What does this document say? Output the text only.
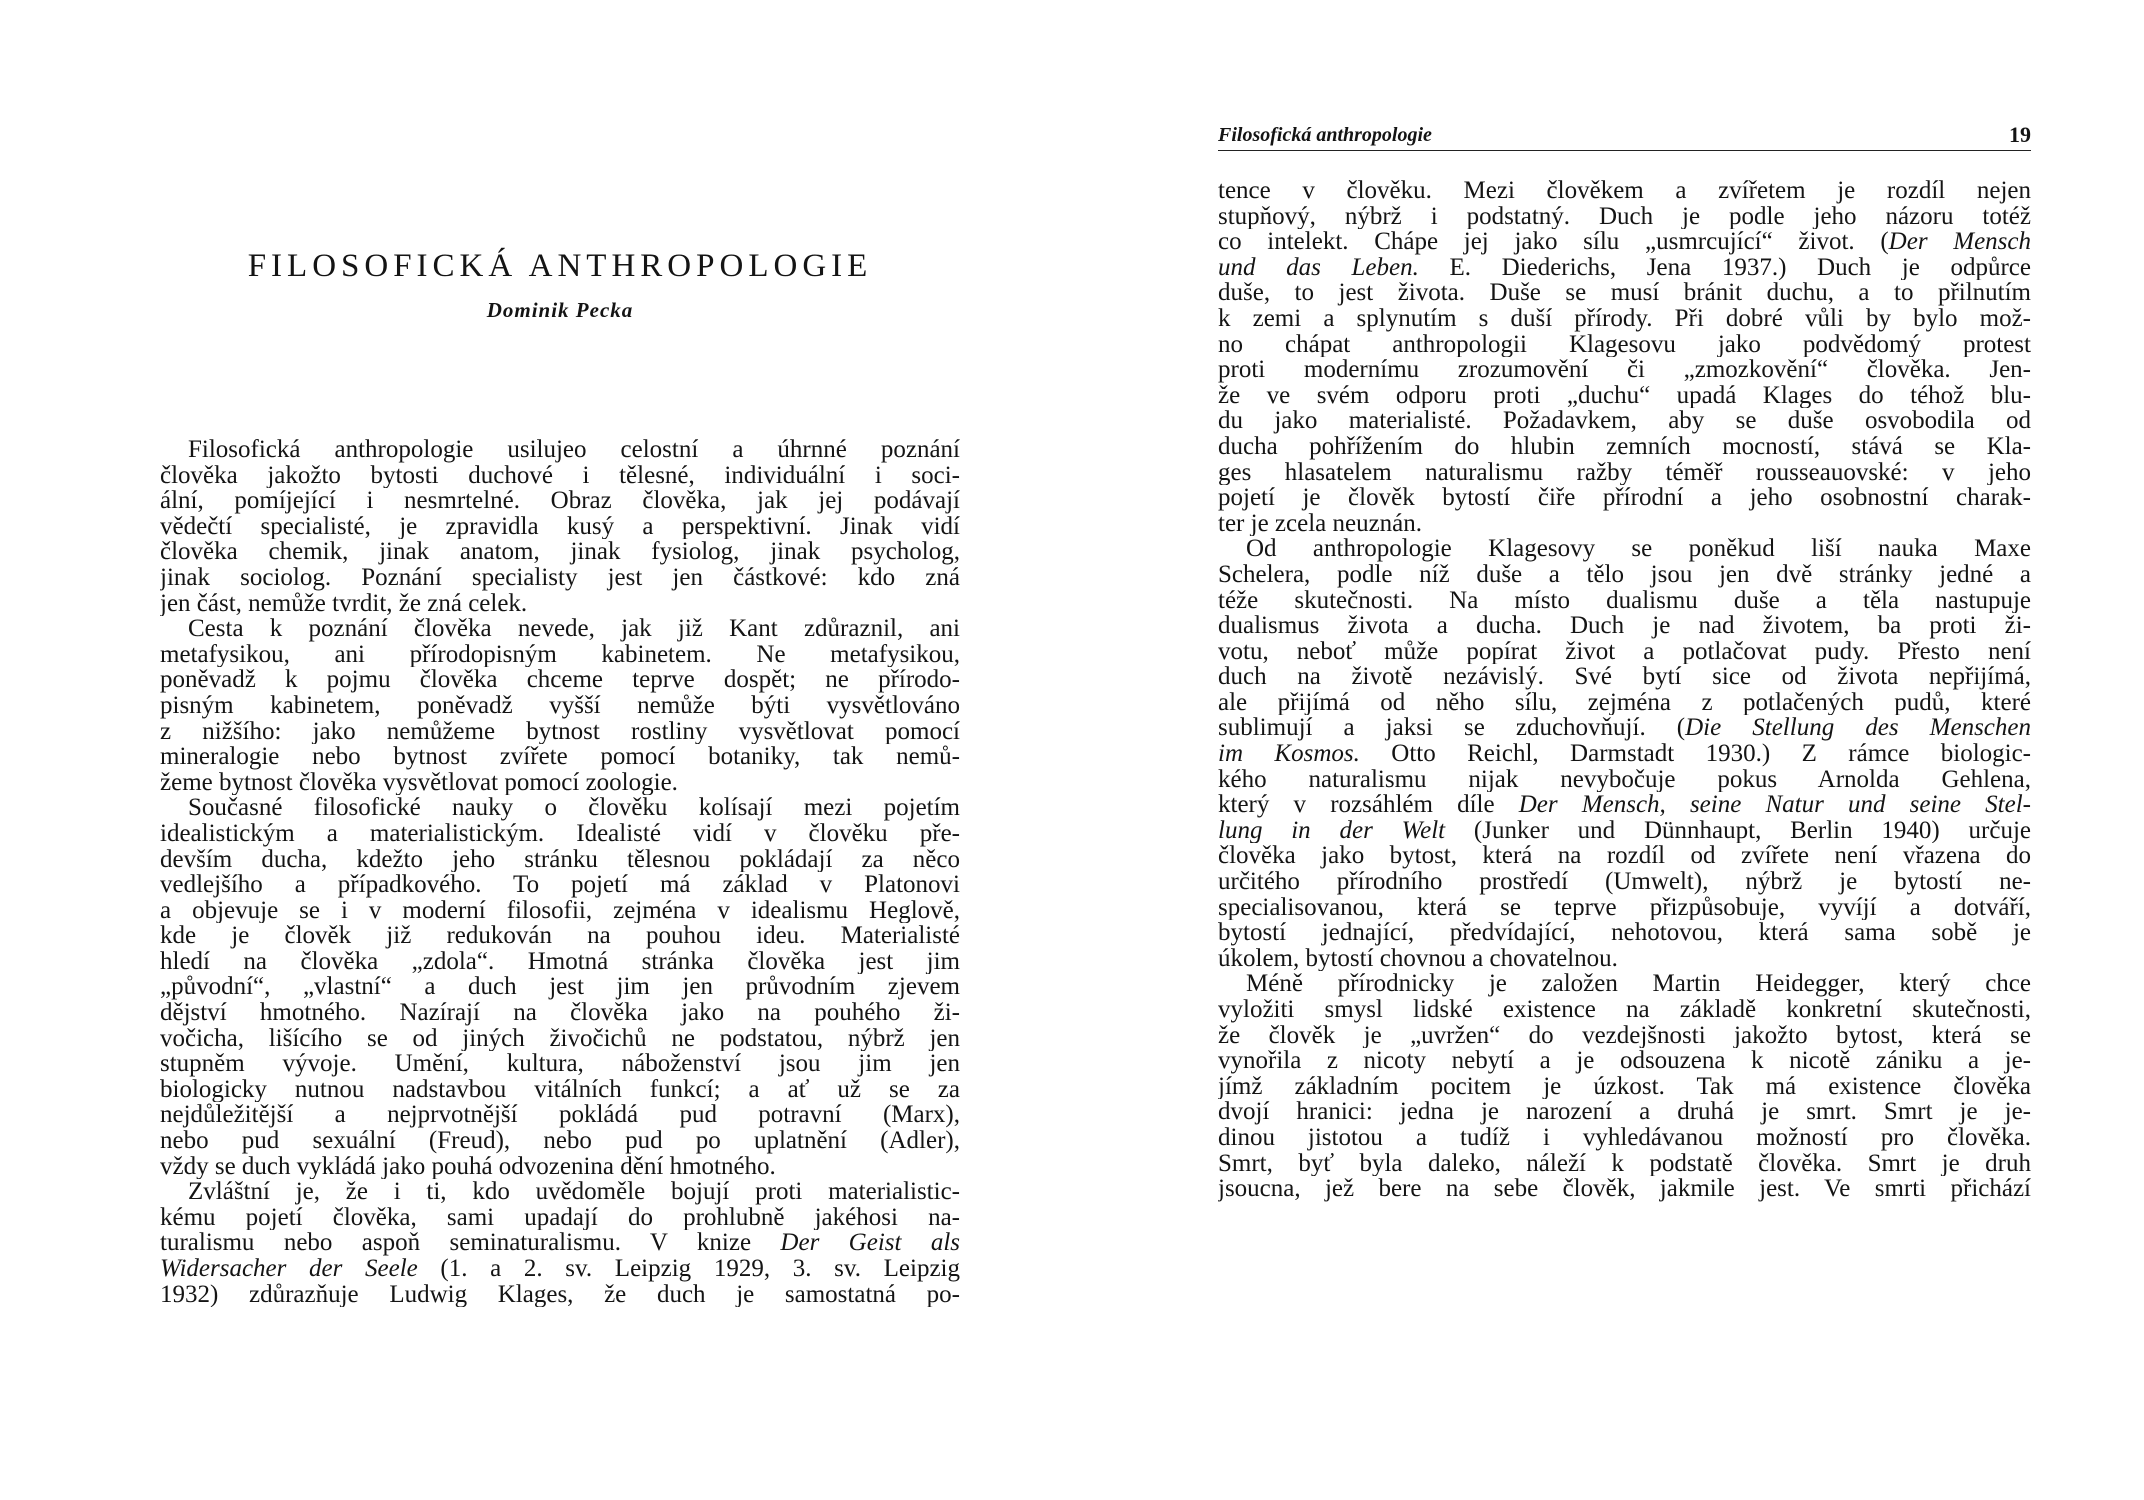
FILOSOFICKÁ ANTHROPOLOGIE
Dominik Pecka
Filosofická anthropologie usilujeo celostní a úhrnné poznání
člověka jakožto bytosti duchové i tělesné, individuální i soci-
ální, pomíjející i nesmrtelné. Obraz člověka, jak jej podávají
vědečtí specialisté, je zpravidla kusý a perspektivní. Jinak vidí
člověka chemik, jinak anatom, jinak fysiolog, jinak psycholog,
jinak sociolog. Poznání specialisty jest jen částkové: kdo zná
jen část, nemůže tvrdit, že zná celek.
Cesta k poznání člověka nevede, jak již Kant zdůraznil, ani
metafysikou, ani přírodopisným kabinetem. Ne metafysikou,
poněvadž k pojmu člověka chceme teprve dospět; ne přírodo-
pisným kabinetem, poněvadž vyšší nemůže býti vysvětlováno
z nižšího: jako nemůžeme bytnost rostliny vysvětlovat pomocí
mineralogie nebo bytnost zvířete pomocí botaniky, tak nemů-
žeme bytnost člověka vysvětlovat pomocí zoologie.
Současné filosofické nauky o člověku kolísají mezi pojetím
idealistickým a materialistickým. Idealisté vidí v člověku pře-
devším ducha, kdežto jeho stránku tělesnou pokládají za něco
vedlejšího a případkového. To pojetí má základ v Platonovi
a objevuje se i v moderní filosofii, zejména v idealismu Heglově,
kde je člověk již redukován na pouhou ideu. Materialisté
hledí na člověka „zdola“. Hmotná stránka člověka jest jim
„původní“, „vlastní“ a duch jest jim jen průvodním zjevem
dějství hmotného. Nazírají na člověka jako na pouhého ži-
vočicha, lišícího se od jiných živočichů ne podstatou, nýbrž jen
stupněm vývoje. Umění, kultura, náboženství jsou jim jen
biologicky nutnou nadstavbou vitálních funkcí; a ať už se za
nejdůležitější a nejprvotnější pokládá pud potravní (Marx),
nebo pud sexuální (Freud), nebo pud po uplatnění (Adler),
vždy se duch vykládá jako pouhá odvozenina dění hmotného.
Zvláštní je, že i ti, kdo uvědoměle bojují proti materialistic-
kému pojetí člověka, sami upadají do prohlubně jakéhosi na-
turalismu nebo aspoň seminaturalismu. V knize Der Geist als
Widersacher der Seele (1. a 2. sv. Leipzig 1929, 3. sv. Leipzig
1932) zdůrazňuje Ludwig Klages, že duch je samostatná po-
Filosofická anthropologie	19
tence v člověku. Mezi člověkem a zvířetem je rozdíl nejen
stupňový, nýbrž i podstatný. Duch je podle jeho názoru totéž
co intelekt. Chápe jej jako sílu „usmrcující“ život. (Der Mensch
und das Leben. E. Diederichs, Jena 1937.) Duch je odpůrce
duše, to jest života. Duše se musí bránit duchu, a to přilnutím
k zemi a splynutím s duší přírody. Při dobré vůli by bylo mož-
no chápat anthropologii Klagesovu jako podvědomý protest
proti modernímu zrozumovění či „zmozkovění“ člověka. Jen-
že ve svém odporu proti „duchu“ upadá Klages do téhož blu-
du jako materialisté. Požadavkem, aby se duše osvobodila od
ducha pohřížením do hlubin zemních mocností, stává se Kla-
ges hlasatelem naturalismu ražby téměř rousseauovské: v jeho
pojetí je člověk bytostí čiře přírodní a jeho osobnostní charak-
ter je zcela neuznán.
Od anthropologie Klagesovy se poněkud liší nauka Maxe
Schelera, podle níž duše a tělo jsou jen dvě stránky jedné a
téže skutečnosti. Na místo dualismu duše a těla nastupuje
dualismus života a ducha. Duch je nad životem, ba proti ži-
votu, neboť může popírat život a potlačovat pudy. Přesto není
duch na životě nezávislý. Své bytí sice od života nepřijímá,
ale přijímá od něho sílu, zejména z potlačených pudů, které
sublimují a jaksi se zduchovňují. (Die Stellung des Menschen
im Kosmos. Otto Reichl, Darmstadt 1930.) Z rámce biologic-
kého naturalismu nijak nevybočuje pokus Arnolda Gehlena,
který v rozsáhlém díle Der Mensch, seine Natur und seine Stel-
lung in der Welt (Junker und Dünnhaupt, Berlin 1940) určuje
člověka jako bytost, která na rozdíl od zvířete není vřazena do
určitého přírodního prostředí (Umwelt), nýbrž je bytostí ne-
specialisovanou, která se teprve přizpůsobuje, vyvíjí a dotváří,
bytostí jednající, předvídající, nehotovou, která sama sobě je
úkolem, bytostí chovnou a chovatelnou.
Méně přírodnicky je založen Martin Heidegger, který chce
vyložiti smysl lidské existence na základě konkretní skutečnosti,
že člověk je „uvržen“ do vezdejšnosti jakožto bytost, která se
vynořila z nicoty nebytí a je odsouzena k nicotě zániku a je-
jímž základním pocitem je úzkost. Tak má existence člověka
dvojí hranici: jedna je narození a druhá je smrt. Smrt je je-
dinou jistotou a tudíž i vyhledávanou možností pro člověka.
Smrt, byť byla daleko, náleží k podstatě člověka. Smrt je druh
jsoucna, jež bere na sebe člověk, jakmile jest. Ve smrti přichází
